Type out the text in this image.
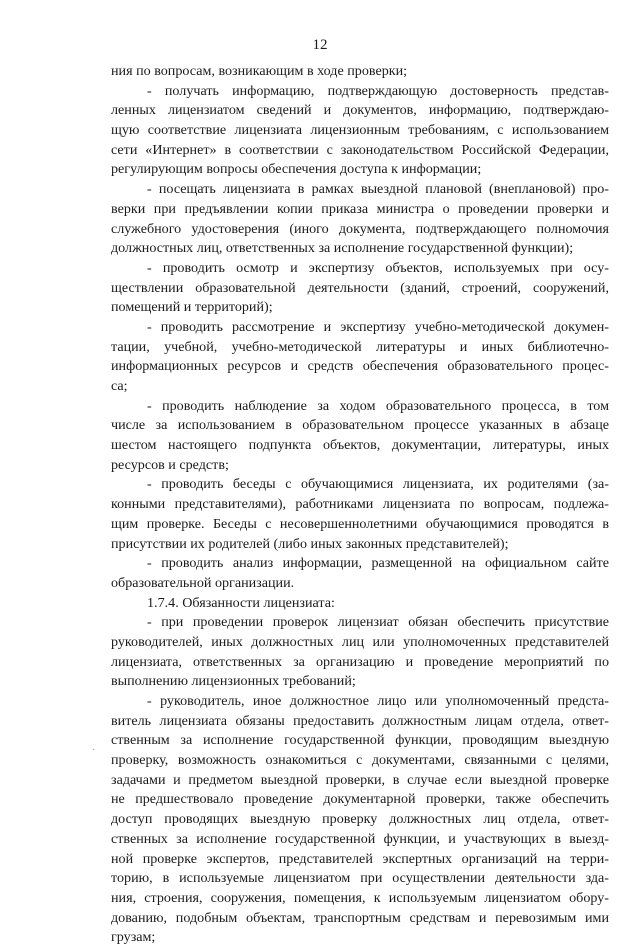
12
ния по вопросам, возникающим в ходе проверки;
- получать информацию, подтверждающую достоверность представ-
ленных лицензиатом сведений и документов, информацию, подтверждаю-
щую соответствие лицензиата лицензионным требованиям, с использованием
сети «Интернет» в соответствии с законодательством Российской Федерации,
регулирующим вопросы обеспечения доступа к информации;
- посещать лицензиата в рамках выездной плановой (внеплановой) про-
верки при предъявлении копии приказа министра о проведении проверки и
служебного удостоверения (иного документа, подтверждающего полномочия
должностных лиц, ответственных за исполнение государственной функции);
- проводить осмотр и экспертизу объектов, используемых при осу-
ществлении образовательной деятельности (зданий, строений, сооружений,
помещений и территорий);
- проводить рассмотрение и экспертизу учебно-методической докумен-
тации, учебной, учебно-методической литературы и иных библиотечно-
информационных ресурсов и средств обеспечения образовательного процес-
са;
- проводить наблюдение за ходом образовательного процесса, в том
числе за использованием в образовательном процессе указанных в абзаце
шестом настоящего подпункта объектов, документации, литературы, иных
ресурсов и средств;
- проводить беседы с обучающимися лицензиата, их родителями (за-
конными представителями), работниками лицензиата по вопросам, подлежа-
щим проверке. Беседы с несовершеннолетними обучающимися проводятся в
присутствии их родителей (либо иных законных представителей);
- проводить анализ информации, размещенной на официальном сайте
образовательной организации.
1.7.4. Обязанности лицензиата:
- при проведении проверок лицензиат обязан обеспечить присутствие
руководителей, иных должностных лиц или уполномоченных представителей
лицензиата, ответственных за организацию и проведение мероприятий по
выполнению лицензионных требований;
- руководитель, иное должностное лицо или уполномоченный предста-
витель лицензиата обязаны предоставить должностным лицам отдела, ответ-
ственным за исполнение государственной функции, проводящим выездную
проверку, возможность ознакомиться с документами, связанными с целями,
задачами и предметом выездной проверки, в случае если выездной проверке
не предшествовало проведение документарной проверки, также обеспечить
доступ проводящих выездную проверку должностных лиц отдела, ответ-
ственных за исполнение государственной функции, и участвующих в выезд-
ной проверке экспертов, представителей экспертных организаций на терри-
торию, в используемые лицензиатом при осуществлении деятельности зда-
ния, строения, сооружения, помещения, к используемым лицензиатом обору-
дованию, подобным объектам, транспортным средствам и перевозимым ими
грузам;
·
